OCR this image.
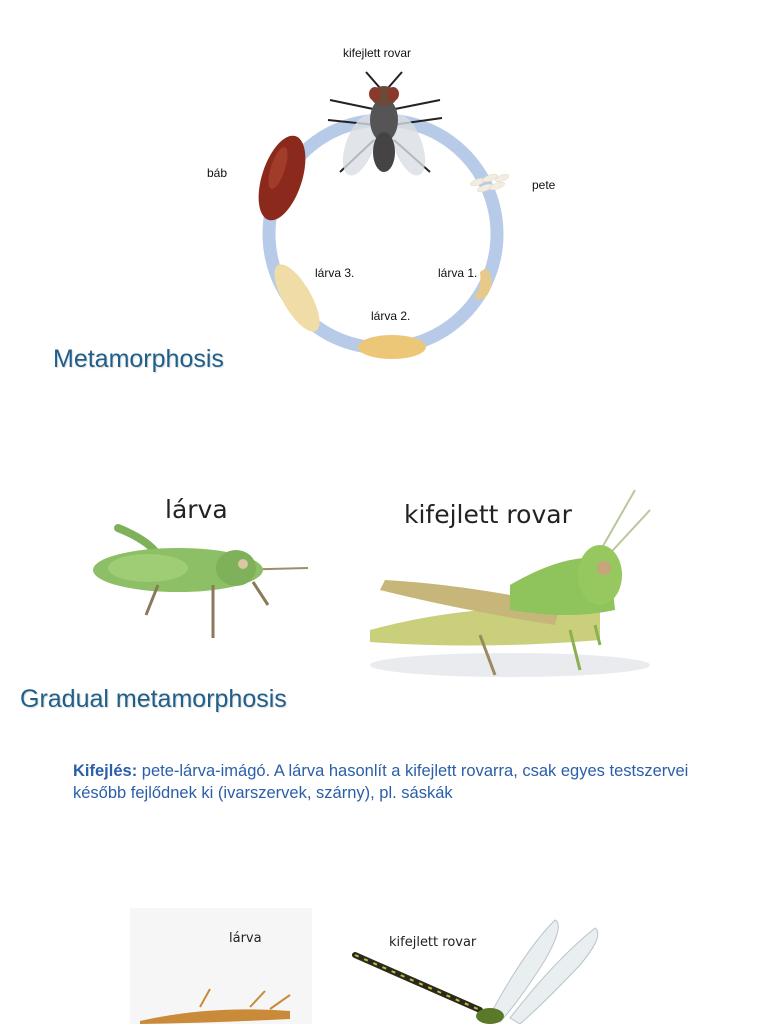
kifejlett rovar
báb
pete
lárva 3.	lárva 1.
lárva 2.
Metamorphosis
lárva	kifejlett rovar
Gradual metamorphosis
Kifejlés: pete-lárva-imágó. A lárva hasonlít a kifejlett rovarra, csak egyes testszervei később fejlődnek ki (ivarszervek, szárny), pl. sáskák
lárva	kifejlett rovar
